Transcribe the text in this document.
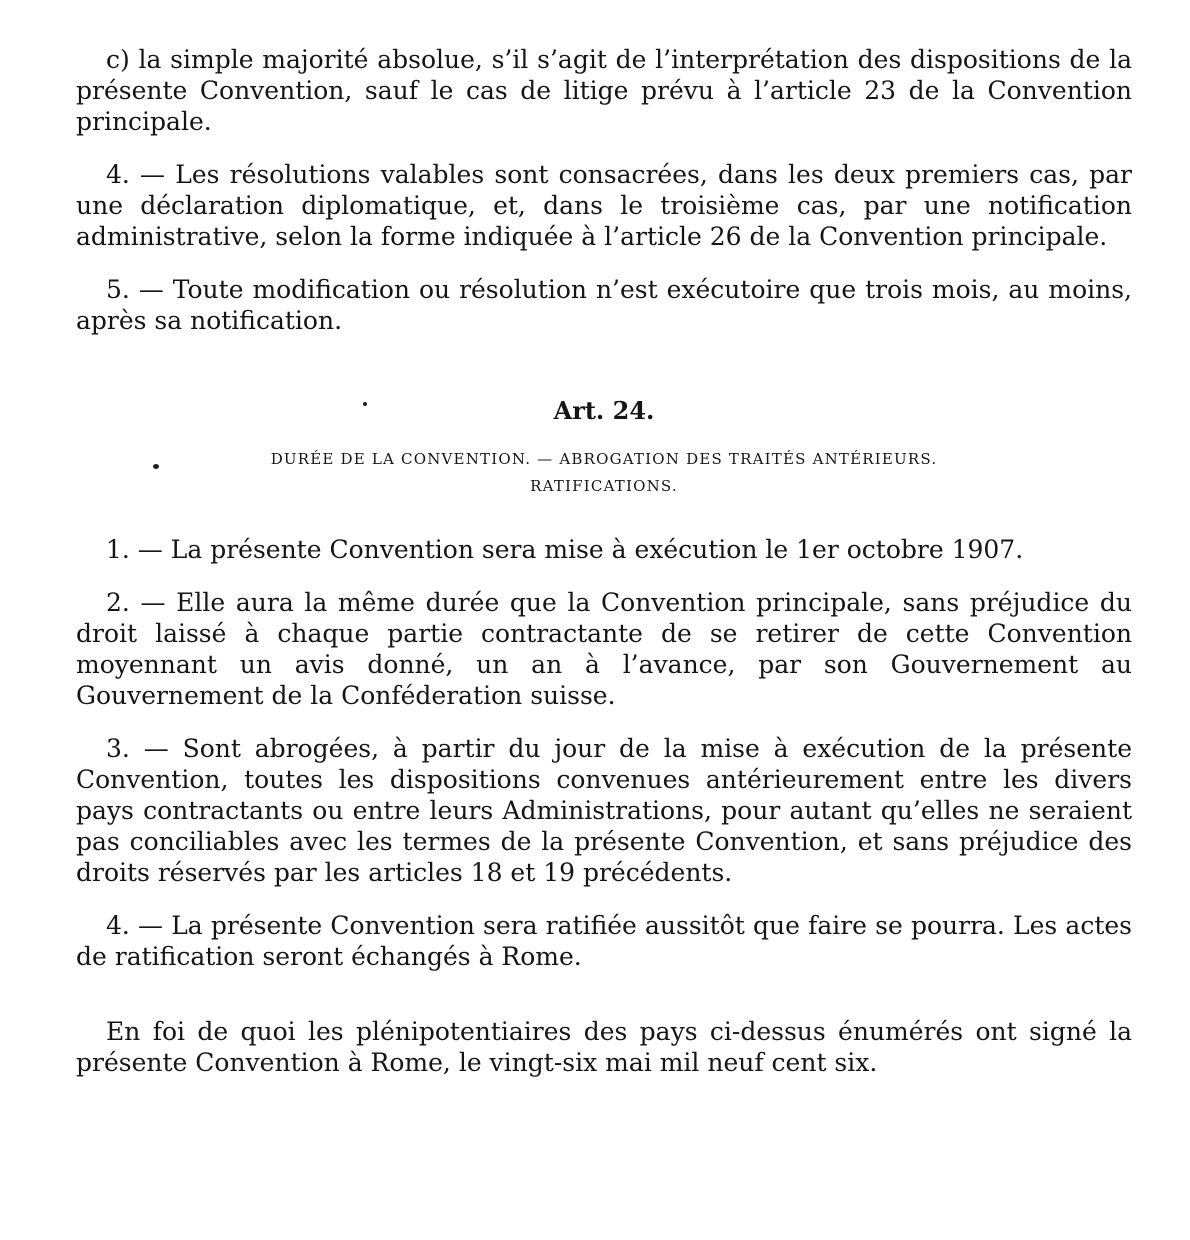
c) la simple majorité absolue, s’il s’agit de l’interprétation des dispositions de la présente Convention, sauf le cas de litige prévu à l’article 23 de la Convention principale.

4. — Les résolutions valables sont consacrées, dans les deux premiers cas, par une déclaration diplomatique, et, dans le troisième cas, par une notification administrative, selon la forme indiquée à l’article 26 de la Convention principale.

5. — Toute modification ou résolution n’est exécutoire que trois mois, au moins, après sa notification.

Art. 24.
DURÉE DE LA CONVENTION. — ABROGATION DES TRAITÉS ANTÉRIEURS.
RATIFICATIONS.

1. — La présente Convention sera mise à exécution le 1er octobre 1907.

2. — Elle aura la même durée que la Convention principale, sans préjudice du droit laissé à chaque partie contractante de se retirer de cette Convention moyennant un avis donné, un an à l’avance, par son Gouvernement au Gouvernement de la Conféderation suisse.

3. — Sont abrogées, à partir du jour de la mise à exécution de la présente Convention, toutes les dispositions convenues antérieurement entre les divers pays contractants ou entre leurs Administrations, pour autant qu’elles ne seraient pas conciliables avec les termes de la présente Convention, et sans préjudice des droits réservés par les articles 18 et 19 précédents.

4. — La présente Convention sera ratifiée aussitôt que faire se pourra. Les actes de ratification seront échangés à Rome.

En foi de quoi les plénipotentiaires des pays ci-dessus énumérés ont signé la présente Convention à Rome, le vingt-six mai mil neuf cent six.
